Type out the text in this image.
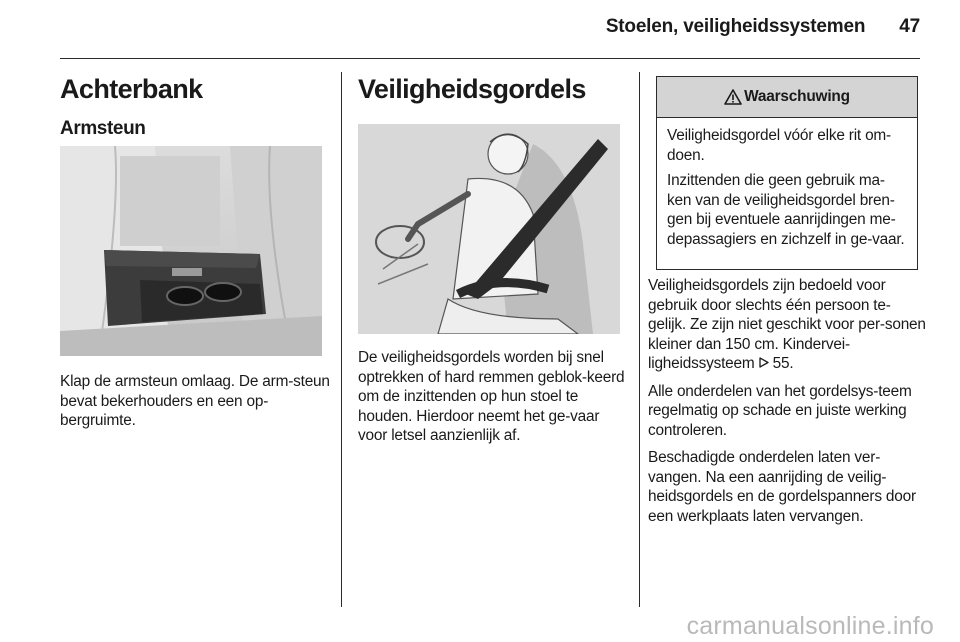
Stoelen, veiligheidssystemen 47
Achterbank
Armsteun

Klap de armsteun omlaag. De arm-steun bevat bekerhouders en een op-bergruimte.

Veiligheidsgordels

De veiligheidsgordels worden bij snel optrekken of hard remmen geblok-keerd om de inzittenden op hun stoel te houden. Hierdoor neemt het ge-vaar voor letsel aanzienlijk af.

Waarschuwing

Veiligheidsgordel vóór elke rit om-doen.

Inzittenden die geen gebruik ma-ken van de veiligheidsgordel bren-gen bij eventuele aanrijdingen me-depassagiers en zichzelf in ge-vaar.

Veiligheidsgordels zijn bedoeld voor gebruik door slechts één persoon te-gelijk. Ze zijn niet geschikt voor per-sonen kleiner dan 150 cm. Kindervei-ligheidssysteem 55.

Alle onderdelen van het gordelsys-teem regelmatig op schade en juiste werking controleren.

Beschadigde onderdelen laten ver-vangen. Na een aanrijding de veilig-heidsgordels en de gordelspanners door een werkplaats laten vervangen.

carmanualsonline.info
